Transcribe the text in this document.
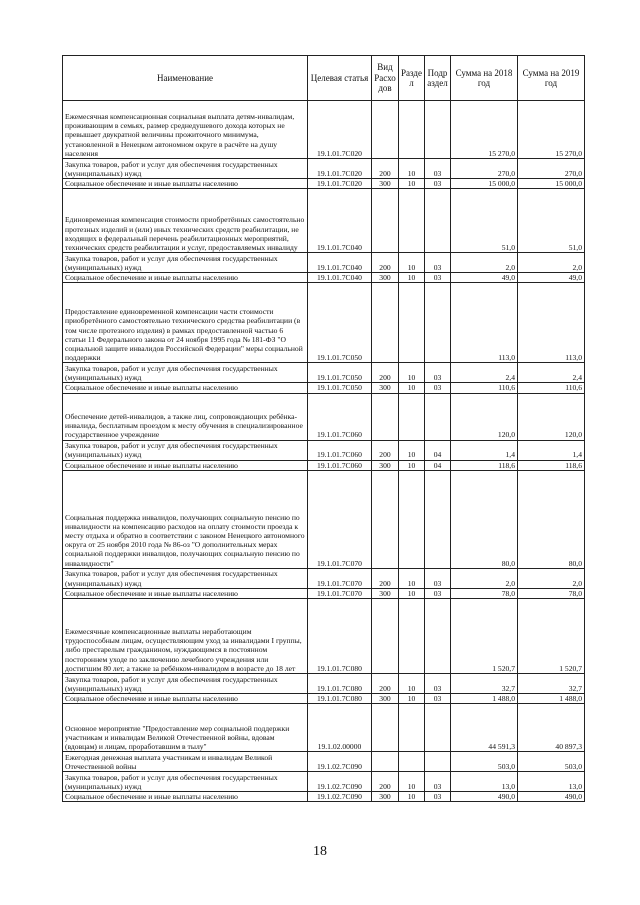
Наименование	Целевая статья	Вид Расхо дов	Разде л	Подр аздел	Сумма на 2018 год	Сумма на 2019 год
Ежемесячная компенсационная социальная выплата детям-инвалидам, проживающим в семьях, размер среднедушевого дохода которых не превышает двукратной величины прожиточного минимума, установленной в Ненецком автономном округе в расчёте на душу населения	19.1.01.7С020				15 270,0	15 270,0
Закупка товаров, работ и услуг для обеспечения государственных (муниципальных) нужд	19.1.01.7С020	200	10	03	270,0	270,0
Социальное обеспечение и иные выплаты населению	19.1.01.7С020	300	10	03	15 000,0	15 000,0
Единовременная компенсация стоимости приобретённых самостоятельно протезных изделий и (или) иных технических средств реабилитации, не входящих в федеральный перечень реабилитационных мероприятий, технических средств реабилитации и услуг, предоставляемых инвалиду	19.1.01.7С040				51,0	51,0
Закупка товаров, работ и услуг для обеспечения государственных (муниципальных) нужд	19.1.01.7С040	200	10	03	2,0	2,0
Социальное обеспечение и иные выплаты населению	19.1.01.7С040	300	10	03	49,0	49,0
Предоставление единовременной компенсации части стоимости приобретённого самостоятельно технического средства реабилитации (в том числе протезного изделия) в рамках предоставленной частью 6 статьи 11 Федерального закона от 24 ноября 1995 года № 181-ФЗ "О социальной защите инвалидов Российской Федерации" меры социальной поддержки	19.1.01.7С050				113,0	113,0
Закупка товаров, работ и услуг для обеспечения государственных (муниципальных) нужд	19.1.01.7С050	200	10	03	2,4	2,4
Социальное обеспечение и иные выплаты населению	19.1.01.7С050	300	10	03	110,6	110,6
Обеспечение детей-инвалидов, а также лиц, сопровождающих ребёнка-инвалида, бесплатным проездом к месту обучения в специализированное государственное учреждение	19.1.01.7С060				120,0	120,0
Закупка товаров, работ и услуг для обеспечения государственных (муниципальных) нужд	19.1.01.7С060	200	10	04	1,4	1,4
Социальное обеспечение и иные выплаты населению	19.1.01.7С060	300	10	04	118,6	118,6
Социальная поддержка инвалидов, получающих социальную пенсию по инвалидности на компенсацию расходов на оплату стоимости проезда к месту отдыха и обратно в соответствии с законом Ненецкого автономного округа от 25 ноября 2010 года № 86-оз "О дополнительных мерах социальной поддержки инвалидов, получающих социальную пенсию по инвалидности"	19.1.01.7С070				80,0	80,0
Закупка товаров, работ и услуг для обеспечения государственных (муниципальных) нужд	19.1.01.7С070	200	10	03	2,0	2,0
Социальное обеспечение и иные выплаты населению	19.1.01.7С070	300	10	03	78,0	78,0
Ежемесячные компенсационные выплаты неработающим трудоспособным лицам, осуществляющим уход за инвалидами I группы, либо престарелым гражданином, нуждающимся в постоянном постороннем уходе по заключению лечебного учреждения или достигшим 80 лет, а также за ребёнком-инвалидом в возрасте до 18 лет	19.1.01.7С080				1 520,7	1 520,7
Закупка товаров, работ и услуг для обеспечения государственных (муниципальных) нужд	19.1.01.7С080	200	10	03	32,7	32,7
Социальное обеспечение и иные выплаты населению	19.1.01.7С080	300	10	03	1 488,0	1 488,0
Основное мероприятие "Предоставление мер социальной поддержки участникам и инвалидам Великой Отечественной войны, вдовам (вдовцам) и лицам, проработавшим в тылу"	19.1.02.00000				44 591,3	40 897,3
Ежегодная денежная выплата участникам и инвалидам Великой Отечественной войны	19.1.02.7С090				503,0	503,0
Закупка товаров, работ и услуг для обеспечения государственных (муниципальных) нужд	19.1.02.7С090	200	10	03	13,0	13,0
Социальное обеспечение и иные выплаты населению	19.1.02.7С090	300	10	03	490,0	490,0
18
